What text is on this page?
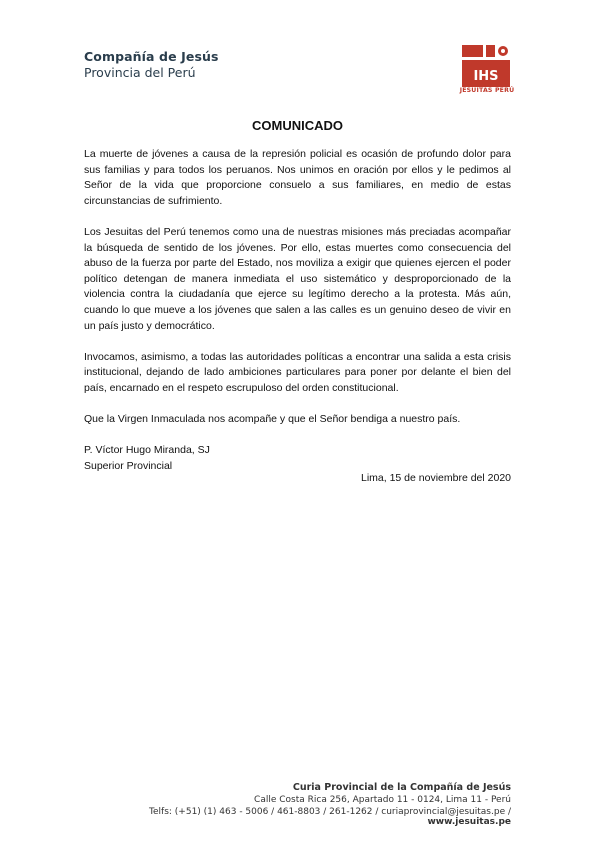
Compañía de Jesús
Provincia del Perú	IHS
JESUITAS PERÚ
COMUNICADO

La muerte de jóvenes a causa de la represión policial es ocasión de profundo dolor para sus familias y para todos los peruanos. Nos unimos en oración por ellos y le pedimos al Señor de la vida que proporcione consuelo a sus familiares, en medio de estas circunstancias de sufrimiento.

Los Jesuitas del Perú tenemos como una de nuestras misiones más preciadas acompañar la búsqueda de sentido de los jóvenes. Por ello, estas muertes como consecuencia del abuso de la fuerza por parte del Estado, nos moviliza a exigir que quienes ejercen el poder político detengan de manera inmediata el uso sistemático y desproporcionado de la violencia contra la ciudadanía que ejerce su legítimo derecho a la protesta. Más aún, cuando lo que mueve a los jóvenes que salen a las calles es un genuino deseo de vivir en un país justo y democrático.

Invocamos, asimismo, a todas las autoridades políticas a encontrar una salida a esta crisis institucional, dejando de lado ambiciones particulares para poner por delante el bien del país, encarnado en el respeto escrupuloso del orden constitucional.

Que la Virgen Inmaculada nos acompañe y que el Señor bendiga a nuestro país.

P. Víctor Hugo Miranda, SJ
Superior Provincial
Lima, 15 de noviembre del 2020
Curia Provincial de la Compañía de Jesús
Calle Costa Rica 256, Apartado 11 - 0124, Lima 11 - Perú
Telfs: (+51) (1) 463 - 5006 / 461-8803 / 261-1262 / curiaprovincial@jesuitas.pe / www.jesuitas.pe
